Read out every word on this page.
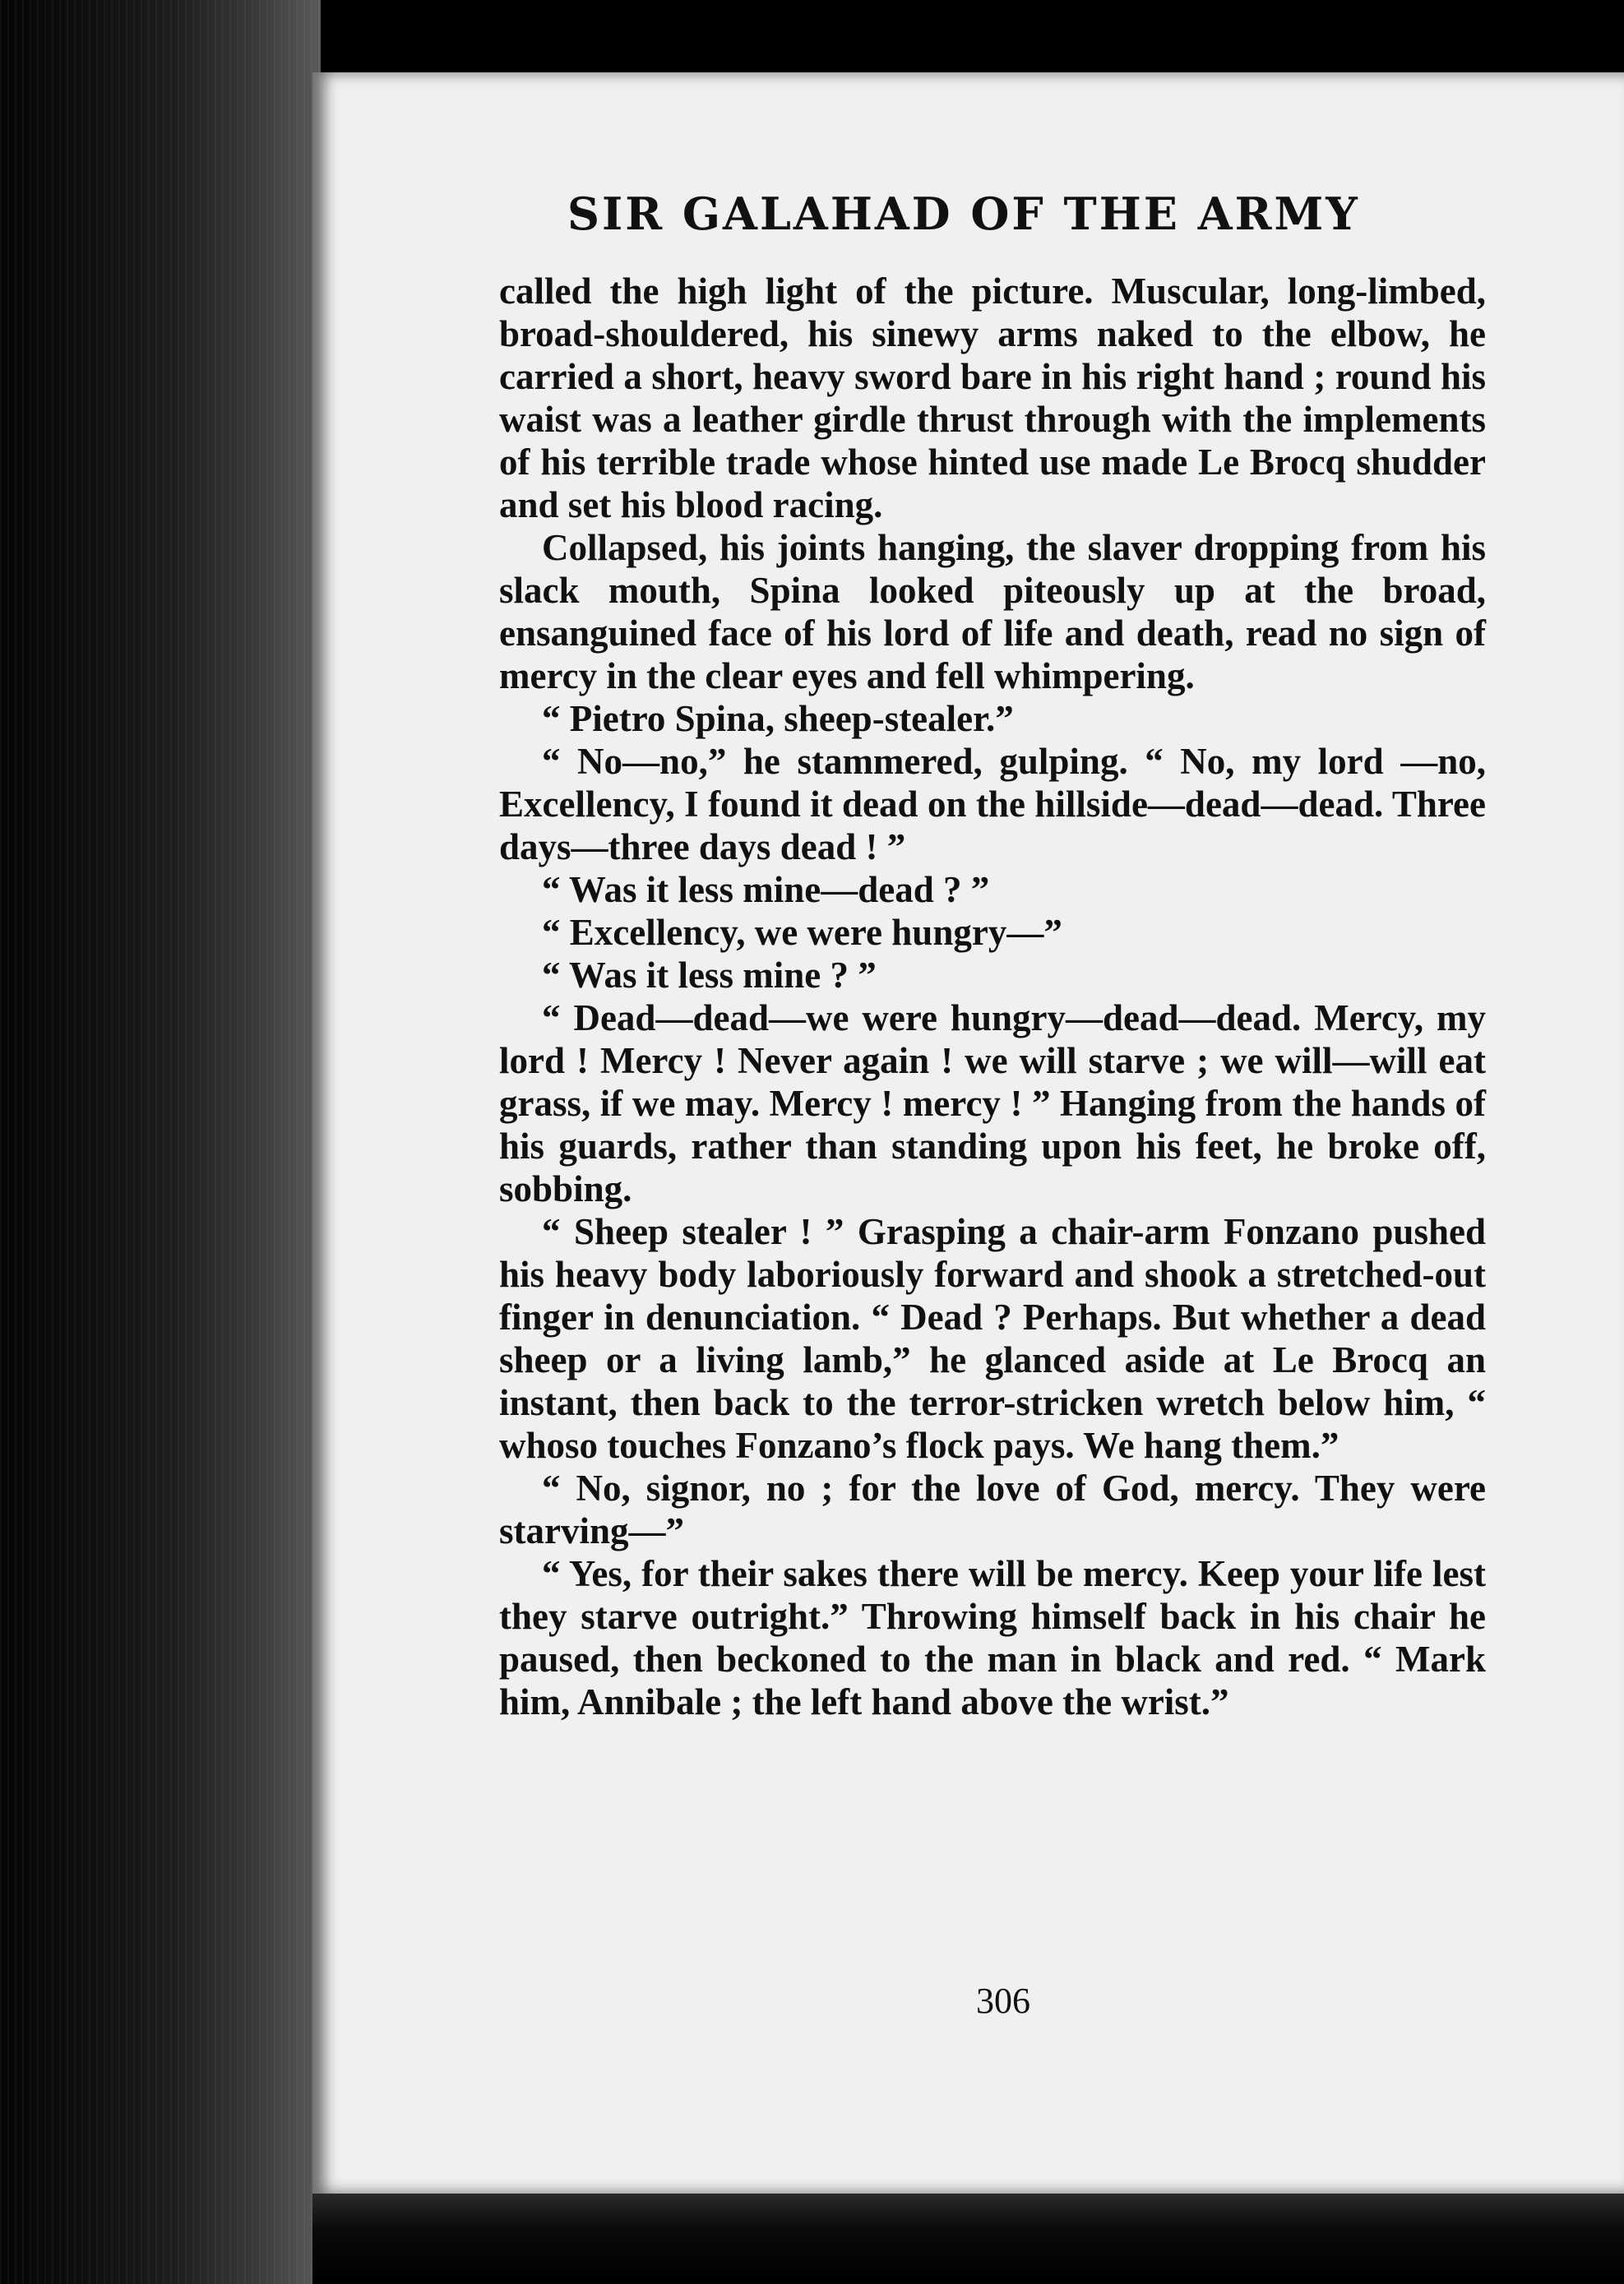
SIR GALAHAD OF THE ARMY

called the high light of the picture. Muscular, long-limbed, broad-shouldered, his sinewy arms naked to the elbow, he carried a short, heavy sword bare in his right hand ; round his waist was a leather girdle thrust through with the implements of his terrible trade whose hinted use made Le Brocq shudder and set his blood racing.

Collapsed, his joints hanging, the slaver dropping from his slack mouth, Spina looked piteously up at the broad, ensanguined face of his lord of life and death, read no sign of mercy in the clear eyes and fell whimpering.

“ Pietro Spina, sheep-stealer.”

“ No—no,” he stammered, gulping. “ No, my lord —no, Excellency, I found it dead on the hillside—dead—dead. Three days—three days dead ! ”

“ Was it less mine—dead ? ”

“ Excellency, we were hungry—”

“ Was it less mine ? ”

“ Dead—dead—we were hungry—dead—dead. Mercy, my lord ! Mercy ! Never again ! we will starve ; we will—will eat grass, if we may. Mercy ! mercy ! ” Hanging from the hands of his guards, rather than standing upon his feet, he broke off, sobbing.

“ Sheep stealer ! ” Grasping a chair-arm Fonzano pushed his heavy body laboriously forward and shook a stretched-out finger in denunciation. “ Dead ? Perhaps. But whether a dead sheep or a living lamb,” he glanced aside at Le Brocq an instant, then back to the terror-stricken wretch below him, “ whoso touches Fonzano’s flock pays. We hang them.”

“ No, signor, no ; for the love of God, mercy. They were starving—”

“ Yes, for their sakes there will be mercy. Keep your life lest they starve outright.” Throwing himself back in his chair he paused, then beckoned to the man in black and red. “ Mark him, Annibale ; the left hand above the wrist.”

306
